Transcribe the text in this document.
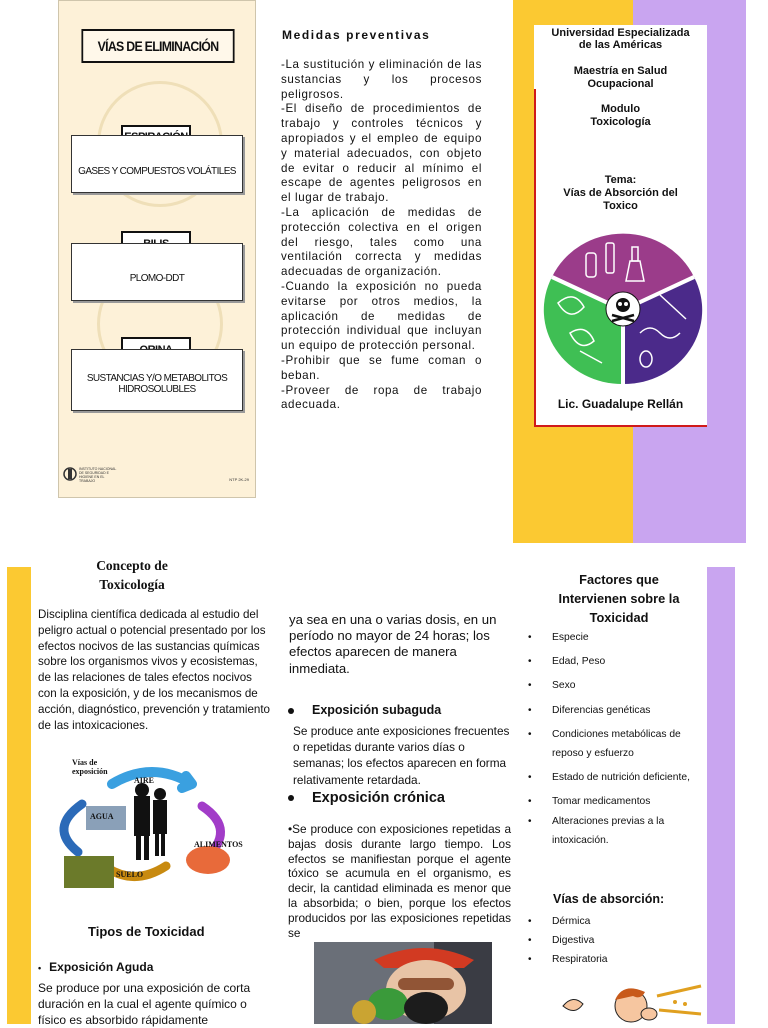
VÍAS DE ELIMINACIÓN
GASES Y COMPUESTOS VOLÁTILES
PLOMO-DDT
SUSTANCIAS Y/O METABOLITOS HIDROSOLUBLES
INSTITUTO NACIONAL DE SEGURIDAD E HIGIENE EN EL TRABAJO	NTP 2K-29
Medidas preventivas

-La sustitución y eliminación de las sustancias y los procesos peligrosos.

-El diseño de procedimientos de trabajo y controles técnicos y apropiados y el empleo de equipo y material adecuados, con objeto de evitar o reducir al mínimo el escape de agentes peligrosos en el lugar de trabajo.

-La aplicación de medidas de protección colectiva en el origen del riesgo, tales como una ventilación correcta y medidas adecuadas de organización.

-Cuando la exposición no pueda evitarse por otros medios, la aplicación de medidas de protección individual que incluyan un equipo de protección personal.

-Prohibir que se fume coman o beban.

-Proveer de ropa de trabajo adecuada.

Universidad Especializada
de las Américas
Maestría en Salud
Ocupacional
Modulo
Toxicología
Tema:
Vías de Absorción del
Toxico
Lic. Guadalupe Rellán
Concepto de
Toxicología
Disciplina científica dedicada al estudio del peligro actual o potencial presentado por los efectos nocivos de las sustancias químicas sobre los organismos vivos y ecosistemas, de las relaciones de tales efectos nocivos con la exposición, y de los mecanismos de acción, diagnóstico, prevención y tratamiento de las intoxicaciones.
Vías de
exposición
AIRE
AGUA
ALIMENTOS
SUELO
Tipos de Toxicidad
• Exposición Aguda
Se produce por una exposición de corta duración en la cual el agente químico o físico es absorbido rápidamente
ya sea en una o varias dosis, en un período no mayor de 24 horas; los efectos aparecen de manera inmediata.
Exposición subaguda
Se produce ante exposiciones frecuentes o repetidas durante varios días o semanas; los efectos aparecen en forma relativamente retardada.
Exposición crónica
•Se produce con exposiciones repetidas a bajas dosis durante largo tiempo. Los efectos se manifiestan porque el agente tóxico se acumula en el organismo, es decir, la cantidad eliminada es menor que la absorbida; o bien, porque los efectos producidos por las exposiciones repetidas se
Factores que
Intervienen sobre la
Toxicidad
• Especie
• Edad, Peso
• Sexo
• Diferencias genéticas
• Condiciones metabólicas de reposo y esfuerzo
• Estado de nutrición deficiente,
• Tomar medicamentos
• Alteraciones previas a la intoxicación.
Vías de absorción:
• Dérmica
• Digestiva
• Respiratoria
